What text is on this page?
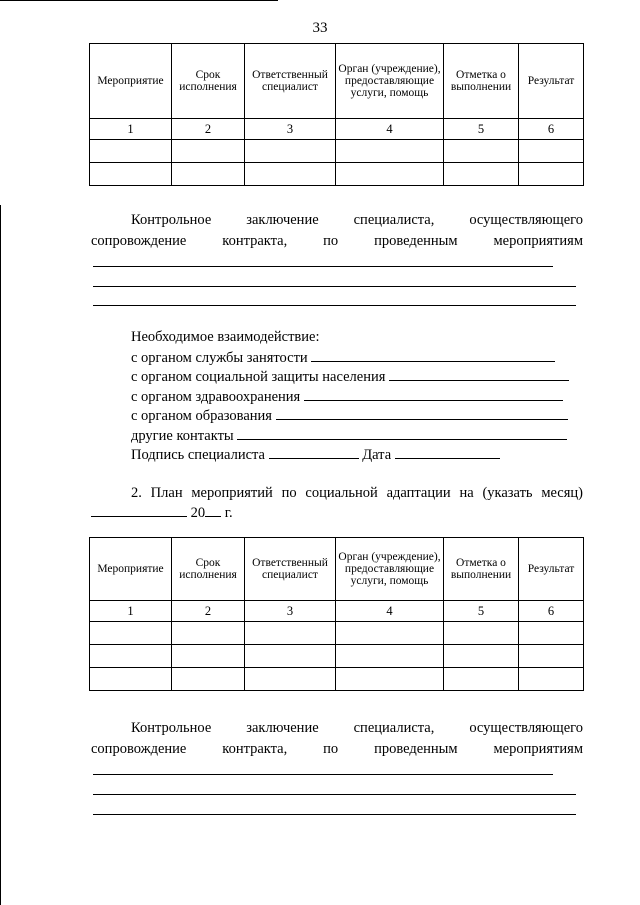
33
Мероприятие	Срок исполнения	Ответственный специалист	Орган (учреждение), предоставляющие услуги, помощь	Отметка о выполнении	Результат
1	2	3	4	5	6

Контрольное заключение специалиста, осуществляющего
сопровождение контракта, по проведенным мероприятиям
Необходимое взаимодействие:
с органом службы занятости
с органом социальной защиты населения
с органом здравоохранения
с органом образования
другие контакты
Подпись специалиста	Дата
2. План мероприятий по социальной адаптации на (указать месяц)
20 г.
Мероприятие	Срок исполнения	Ответственный специалист	Орган (учреждение), предоставляющие услуги, помощь	Отметка о выполнении	Результат
1	2	3	4	5	6

Контрольное заключение специалиста, осуществляющего
сопровождение контракта, по проведенным мероприятиям
